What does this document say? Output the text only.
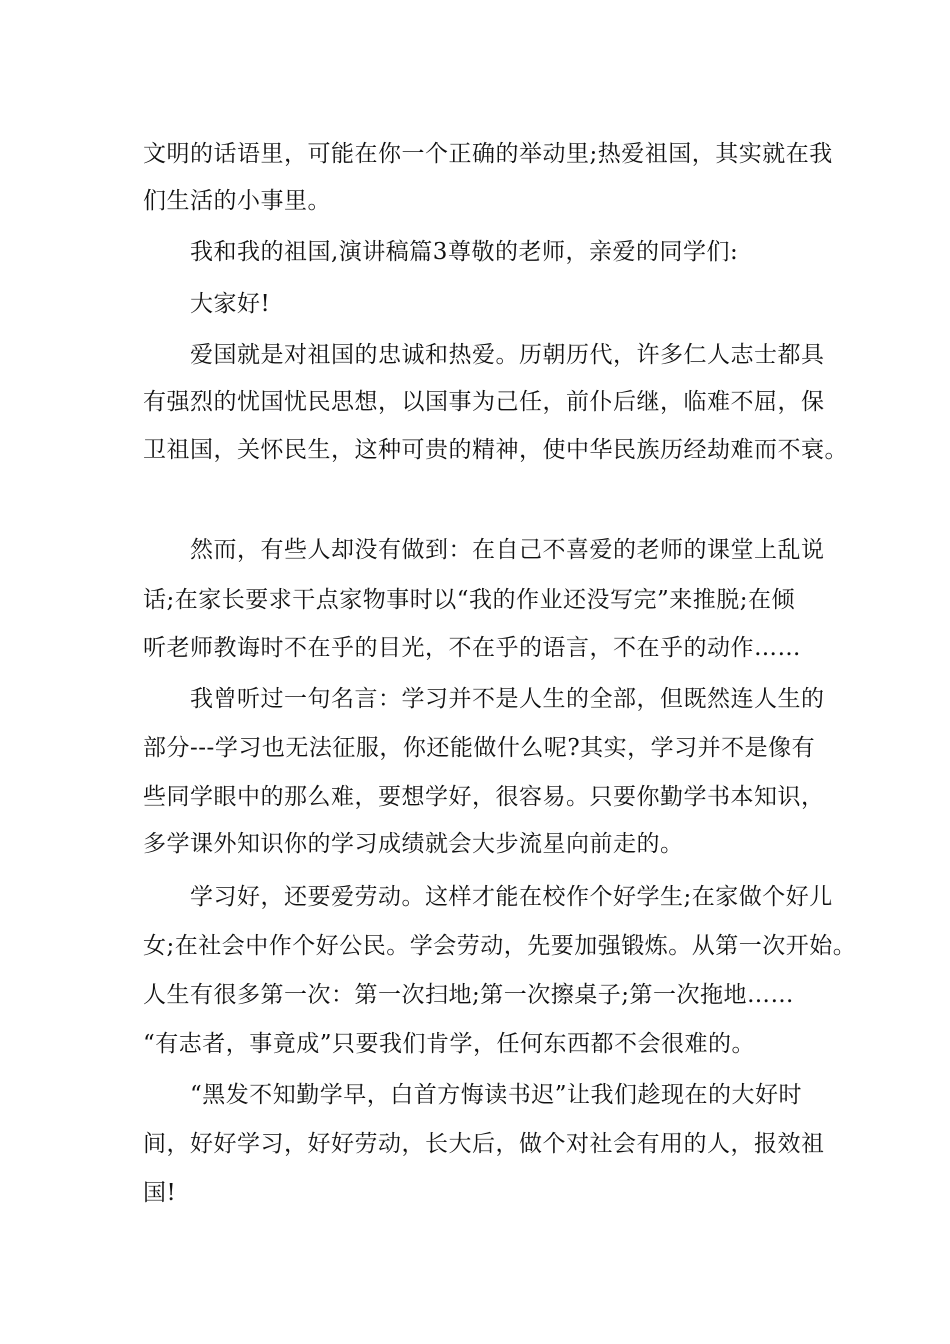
文明的话语里，可能在你一个正确的举动里;热爱祖国，其实就在我
们生活的小事里。
我和我的祖国,演讲稿篇3尊敬的老师，亲爱的同学们:
大家好!
爱国就是对祖国的忠诚和热爱。历朝历代，许多仁人志士都具
有强烈的忧国忧民思想，以国事为己任，前仆后继，临难不屈，保
卫祖国，关怀民生，这种可贵的精神，使中华民族历经劫难而不衰。
然而，有些人却没有做到：在自己不喜爱的老师的课堂上乱说
话;在家长要求干点家物事时以“我的作业还没写完”来推脱;在倾
听老师教诲时不在乎的目光，不在乎的语言，不在乎的动作……
我曾听过一句名言：学习并不是人生的全部，但既然连人生的
部分---学习也无法征服，你还能做什么呢?其实，学习并不是像有
些同学眼中的那么难，要想学好，很容易。只要你勤学书本知识，
多学课外知识你的学习成绩就会大步流星向前走的。
学习好，还要爱劳动。这样才能在校作个好学生;在家做个好儿
女;在社会中作个好公民。学会劳动，先要加强锻炼。从第一次开始。
人生有很多第一次：第一次扫地;第一次擦桌子;第一次拖地……
“有志者，事竟成”只要我们肯学，任何东西都不会很难的。
“黑发不知勤学早，白首方悔读书迟”让我们趁现在的大好时
间，好好学习，好好劳动，长大后，做个对社会有用的人，报效祖
国!
